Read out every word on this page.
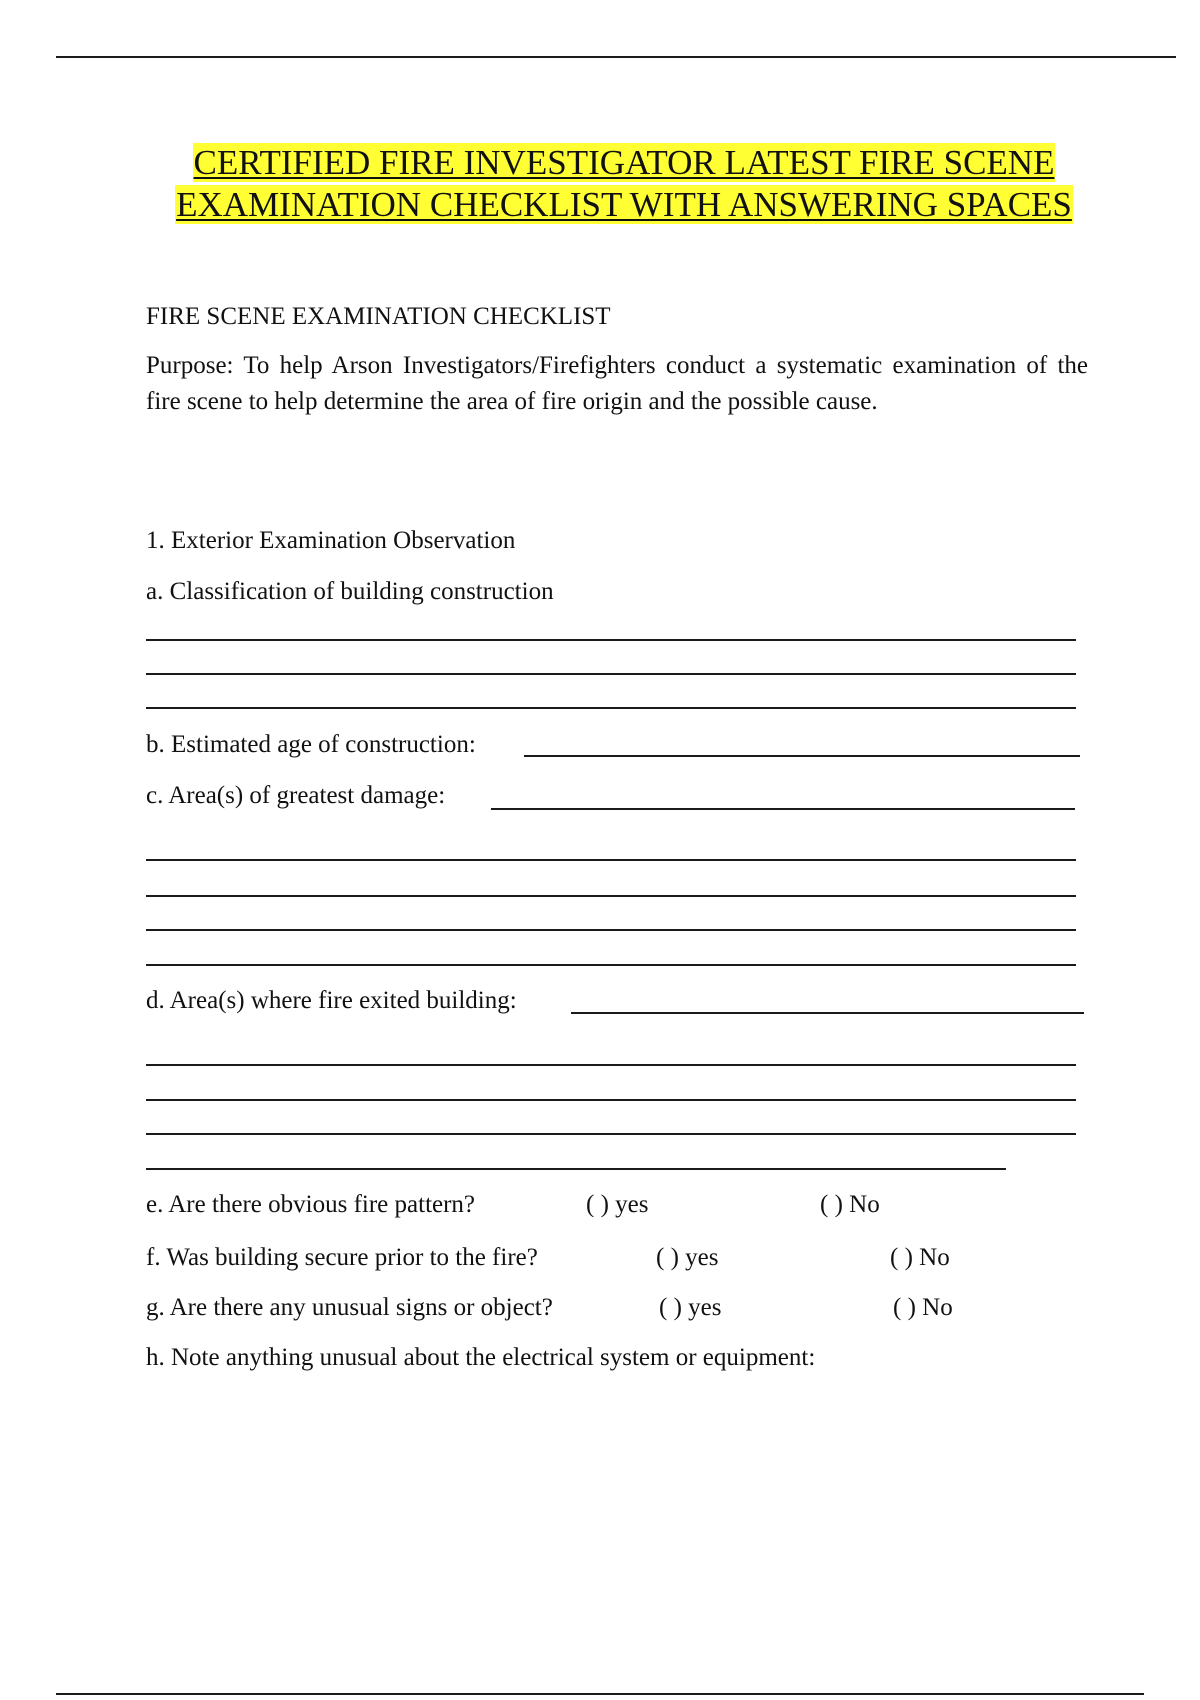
CERTIFIED FIRE INVESTIGATOR LATEST FIRE SCENE
EXAMINATION CHECKLIST WITH ANSWERING SPACES
FIRE SCENE EXAMINATION CHECKLIST
Purpose: To help Arson Investigators/Firefighters conduct a systematic examination of the fire scene to help determine the area of fire origin and the possible cause.
1. Exterior Examination Observation
a. Classification of building construction
b. Estimated age of construction:
c. Area(s) of greatest damage:
d. Area(s) where fire exited building:
e. Are there obvious fire pattern?	( ) yes	( ) No
f. Was building secure prior to the fire?	( ) yes	( ) No
g. Are there any unusual signs or object?	( ) yes	( ) No
h. Note anything unusual about the electrical system or equipment:
